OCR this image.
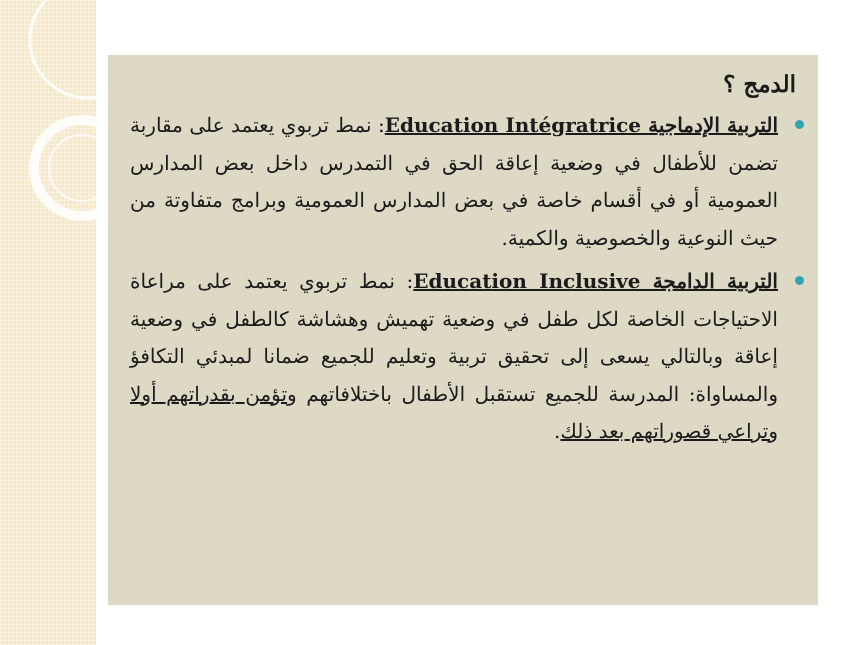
الدمج ؟

التربية الإدماجية Education Intégratrice: نمط تربوي يعتمد على مقاربة تضمن للأطفال في وضعية إعاقة الحق في التمدرس داخل بعض المدارس العمومية أو في أقسام خاصة في بعض المدارس العمومية وبرامج متفاوتة من حيث النوعية والخصوصية والكمية.

التربية الدامجة Education Inclusive: نمط تربوي يعتمد على مراعاة الاحتياجات الخاصة لكل طفل في وضعية تهميش وهشاشة كالطفل في وضعية إعاقة وبالتالي يسعى إلى تحقيق تربية وتعليم للجميع ضمانا لمبدئي التكافؤ والمساواة: المدرسة للجميع تستقبل الأطفال باختلافاتهم وتؤمن بقدراتهم أولا وتراعي قصوراتهم بعد ذلك.
